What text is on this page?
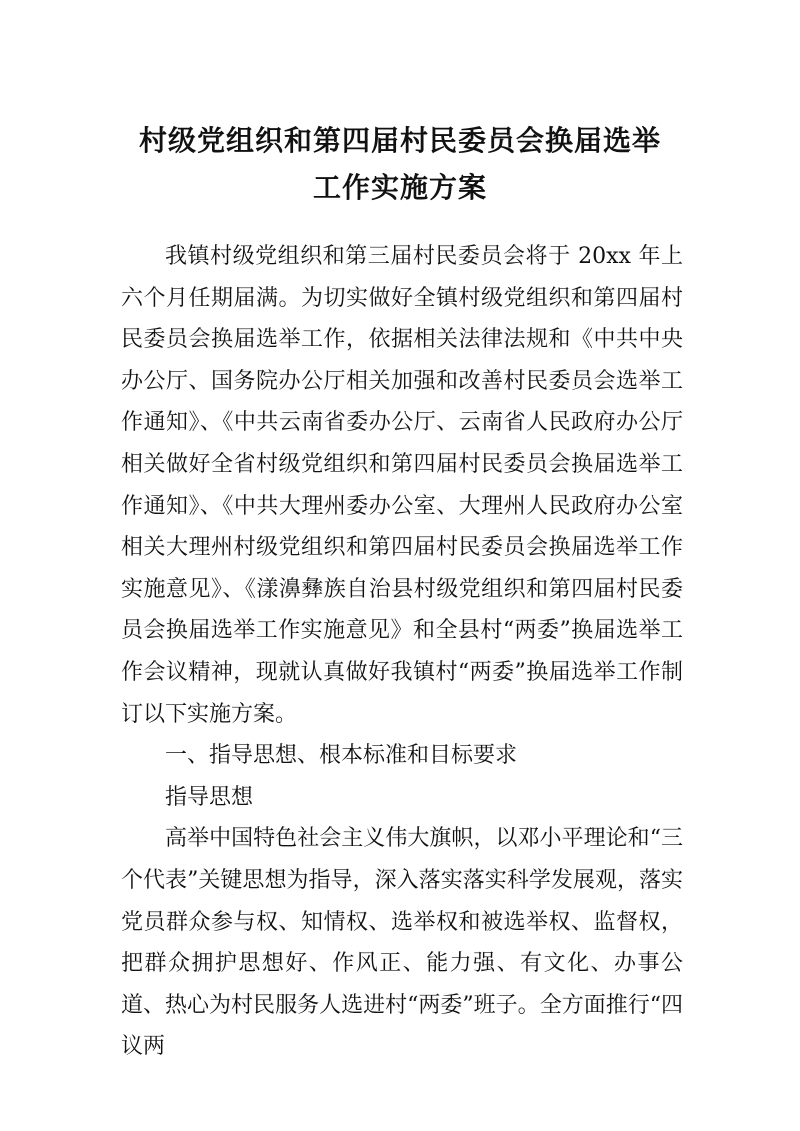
村级党组织和第四届村民委员会换届选举
工作实施方案

我镇村级党组织和第三届村民委员会将于 20xx 年上六个月任期届满。为切实做好全镇村级党组织和第四届村民委员会换届选举工作，依据相关法律法规和《中共中央办公厅、国务院办公厅相关加强和改善村民委员会选举工作通知》、《中共云南省委办公厅、云南省人民政府办公厅相关做好全省村级党组织和第四届村民委员会换届选举工作通知》、《中共大理州委办公室、大理州人民政府办公室相关大理州村级党组织和第四届村民委员会换届选举工作实施意见》、《漾濞彝族自治县村级党组织和第四届村民委员会换届选举工作实施意见》和全县村“两委”换届选举工作会议精神，现就认真做好我镇村“两委”换届选举工作制订以下实施方案。

一、指导思想、根本标准和目标要求

指导思想

高举中国特色社会主义伟大旗帜，以邓小平理论和“三个代表”关键思想为指导，深入落实落实科学发展观，落实党员群众参与权、知情权、选举权和被选举权、监督权，把群众拥护思想好、作风正、能力强、有文化、办事公道、热心为村民服务人选进村“两委”班子。全方面推行“四议两
